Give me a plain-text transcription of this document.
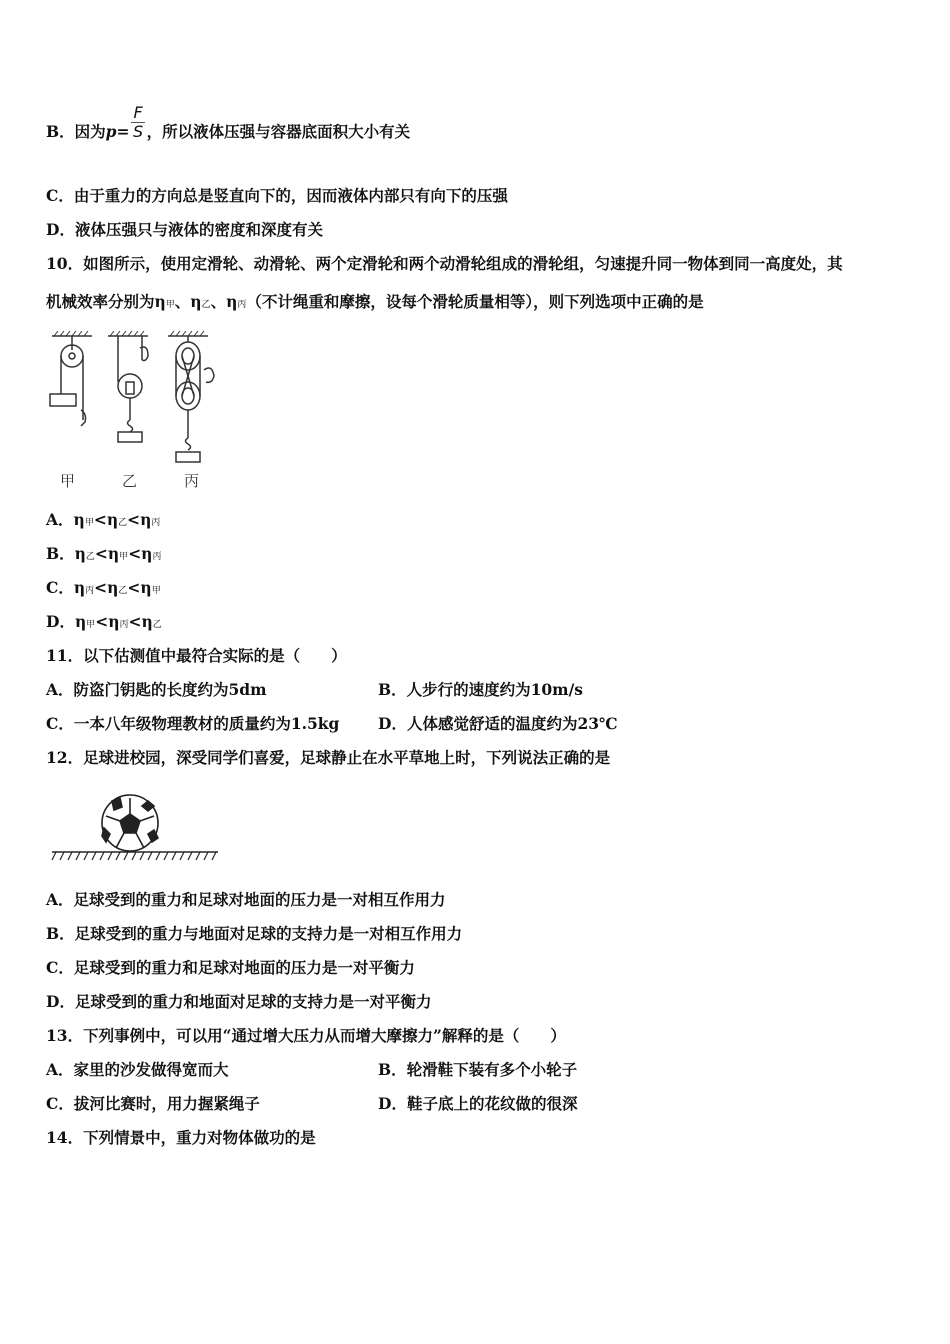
B．因为$p= \frac{F}{S}$ ，所以液体压强与容器底面积大小有关
C．由于重力的方向总是竖直向下的，因而液体内部只有向下的压强
D．液体压强只与液体的密度和深度有关
10．如图所示，使用定滑轮、动滑轮、两个定滑轮和两个动滑轮组成的滑轮组，匀速提升同一物体到同一高度处，其
机械效率分别为η甲、η乙、η丙（不计绳重和摩擦，设每个滑轮质量相等），则下列选项中正确的是
甲	乙	丙
A．η甲<η乙<η丙
B．η乙<η甲<η丙
C．η丙<η乙<η甲
D．η甲<η丙<η乙
11．以下估测值中最符合实际的是（　　）
A．防盗门钥匙的长度约为5dm	B．人步行的速度约为10m/s
C．一本八年级物理教材的质量约为1.5kg D．人体感觉舒适的温度约为23℃
12．足球进校园，深受同学们喜爱，足球静止在水平草地上时，下列说法正确的是
A．足球受到的重力和足球对地面的压力是一对相互作用力
B．足球受到的重力与地面对足球的支持力是一对相互作用力
C．足球受到的重力和足球对地面的压力是一对平衡力
D．足球受到的重力和地面对足球的支持力是一对平衡力
13．下列事例中，可以用“通过增大压力从而增大摩擦力”解释的是（　　）
A．家里的沙发做得宽而大	B．轮滑鞋下装有多个小轮子
C．拔河比赛时，用力握紧绳子	D．鞋子底上的花纹做的很深
14．下列情景中，重力对物体做功的是
